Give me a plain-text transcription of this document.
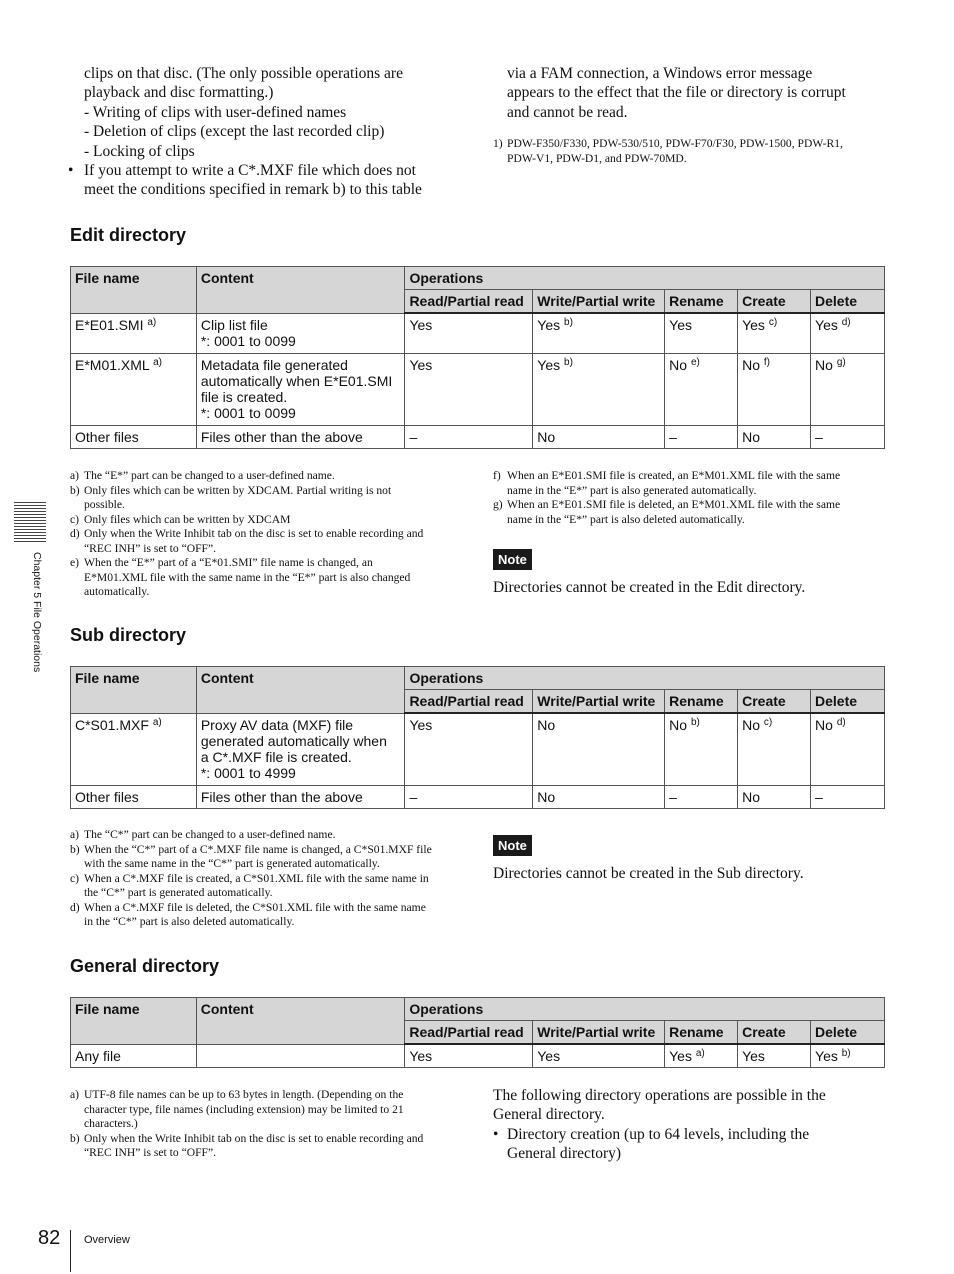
clips on that disc. (The only possible operations are
playback and disc formatting.)
- Writing of clips with user-defined names
- Deletion of clips (except the last recorded clip)
- Locking of clips
• If you attempt to write a C*.MXF file which does not
meet the conditions specified in remark b) to this table
via a FAM connection, a Windows error message
appears to the effect that the file or directory is corrupt
and cannot be read.
1) PDW-F350/F330, PDW-530/510, PDW-F70/F30, PDW-1500, PDW-R1,
PDW-V1, PDW-D1, and PDW-70MD.
Edit directory
File name	Content	Operations				
		Read/Partial read	Write/Partial write	Rename	Create	Delete
E*E01.SMI $^{a)}$	Clip list file
*: 0001 to 0099	Yes	Yes $^{b)}$	Yes	Yes $^{c)}$	Yes $^{d)}$
E*M01.XML $^{a)}$	Metadata file generated
automatically when E*E01.SMI
file is created.
*: 0001 to 0099	Yes	Yes $^{b)}$	No $^{e)}$	No $^{f)}$	No $^{g)}$
Other files	Files other than the above	–	No	–	No	–
a) The “E*” part can be changed to a user-defined name.
b) Only files which can be written by XDCAM. Partial writing is not
possible.
c) Only files which can be written by XDCAM
d) Only when the Write Inhibit tab on the disc is set to enable recording and
“REC INH” is set to “OFF”.
e) When the “E*” part of a “E*01.SMI” file name is changed, an
E*M01.XML file with the same name in the “E*” part is also changed
automatically.
f) When an E*E01.SMI file is created, an E*M01.XML file with the same
name in the “E*” part is also generated automatically.
g) When an E*E01.SMI file is deleted, an E*M01.XML file with the same
name in the “E*” part is also deleted automatically.
Note
Directories cannot be created in the Edit directory.
Sub directory
File name	Content	Operations				
		Read/Partial read	Write/Partial write	Rename	Create	Delete
C*S01.MXF $^{a)}$	Proxy AV data (MXF) file
generated automatically when
a C*.MXF file is created.
*: 0001 to 4999	Yes	No	No $^{b)}$	No $^{c)}$	No $^{d)}$
Other files	Files other than the above	–	No	–	No	–
a) The “C*” part can be changed to a user-defined name.
b) When the “C*” part of a C*.MXF file name is changed, a C*S01.MXF file
with the same name in the “C*” part is generated automatically.
c) When a C*.MXF file is created, a C*S01.XML file with the same name in
the “C*” part is generated automatically.
d) When a C*.MXF file is deleted, the C*S01.XML file with the same name
in the “C*” part is also deleted automatically.
Note
Directories cannot be created in the Sub directory.
General directory
File name	Content	Operations				
		Read/Partial read	Write/Partial write	Rename	Create	Delete
Any file		Yes	Yes	Yes $^{a)}$	Yes	Yes $^{b)}$
a) UTF-8 file names can be up to 63 bytes in length. (Depending on the
character type, file names (including extension) may be limited to 21
characters.)
b) Only when the Write Inhibit tab on the disc is set to enable recording and
“REC INH” is set to “OFF”.
The following directory operations are possible in the
General directory.
• Directory creation (up to 64 levels, including the
General directory)
Chapter 5 File Operations
82 Overview
